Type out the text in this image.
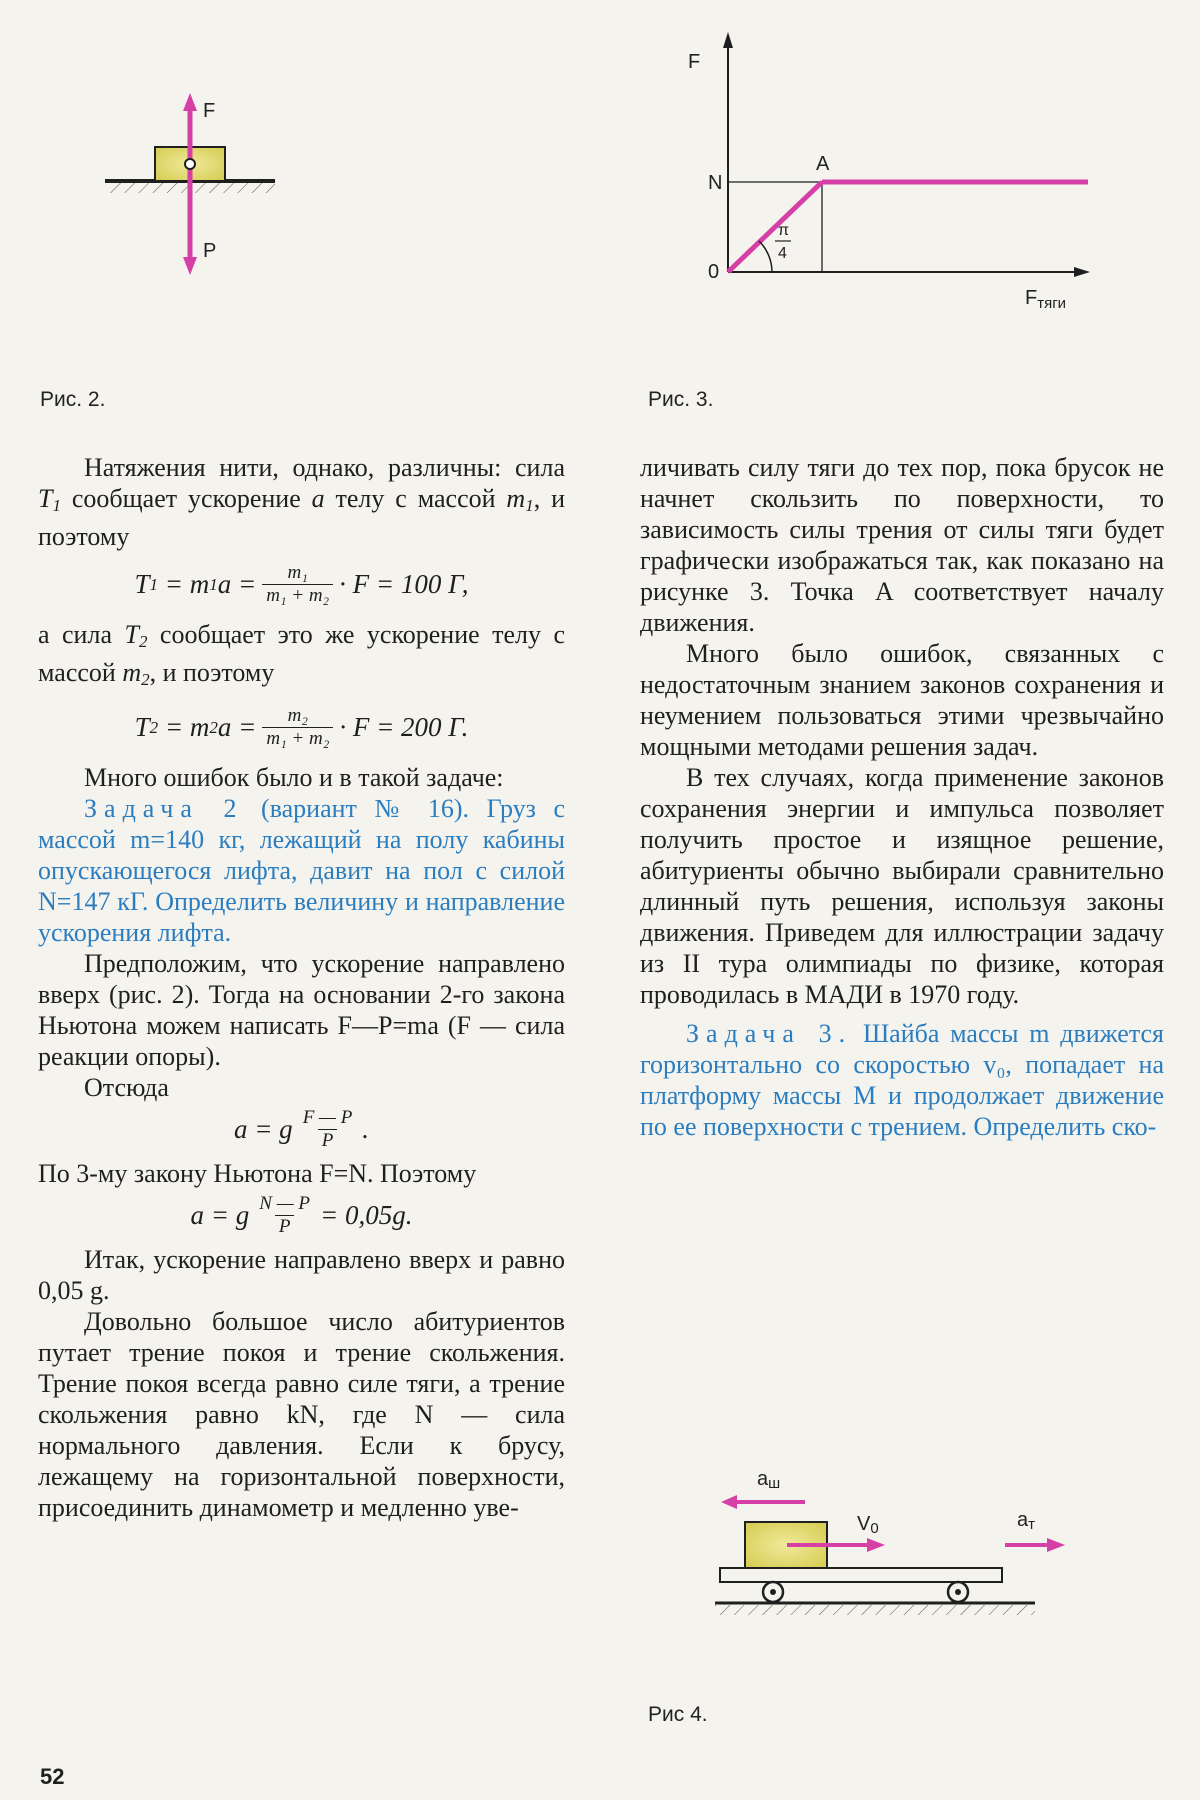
F
P
Рис. 2.
π
4
F
N
A
0
$F_{тяги}$
Рис. 3.

Натяжения нити, однако, различны: сила $T_1$ сообщает ускорение a телу с массой $m_1$, и поэтому

T 1
= m 1 $a = \frac{\text{m₁}}{\text{m₁ + m₂}} \cdot F = 100$ Г,

а сила $T_2$ сообщает это же ускорение телу с массой $m_2$, и поэтому

T 2
= m 2 $a = \frac{\text{m₂}}{\text{m₁ + m₂}} \cdot F = 200$ Г.

Много ошибок было и в такой задаче:

Задача 2 (вариант № 16). Груз с массой m=140 кг, лежащий на полу кабины опускающегося лифта, давит на пол с силой N=147 кГ. Определить величину и направление ускорения лифта.

Предположим, что ускорение направлено вверх (рис. 2). Тогда на основании 2-го закона Ньютона можем написать F—P=ma (F — сила реакции опоры).

Отсюда

a = g F — P
P .

По 3-му закону Ньютона F=N. Поэтому

a = g $\frac{N — P}{P} = 0,05g$.

Итак, ускорение направлено вверх и равно 0,05 g.

Довольно большое число абитуриентов путает трение покоя и трение скольжения. Трение покоя всегда равно силе тяги, а трение скольжения равно kN, где N — сила нормального давления. Если к брусу, лежащему на горизонтальной поверхности, присоединить динамометр и медленно уве-

личивать силу тяги до тех пор, пока брусок не начнет скользить по поверхности, то зависимость силы трения от силы тяги будет графически изображаться так, как показано на рисунке 3. Точка A соответствует началу движения.

Много было ошибок, связанных с недостаточным знанием законов сохранения и неумением пользоваться этими чрезвычайно мощными методами решения задач.

В тех случаях, когда применение законов сохранения энергии и импульса позволяет получить простое и изящное решение, абитуриенты обычно выбирали сравнительно длинный путь решения, используя законы движения. Приведем для иллюстрации задачу из II тура олимпиады по физике, которая проводилась в МАДИ в 1970 году.

Задача 3. Шайба массы m движется горизонтально со скоростью v₀, попадает на платформу массы M и продолжает движение по ее поверхности с трением. Определить ско-

aш
V0	aт
Рис 4.
52
